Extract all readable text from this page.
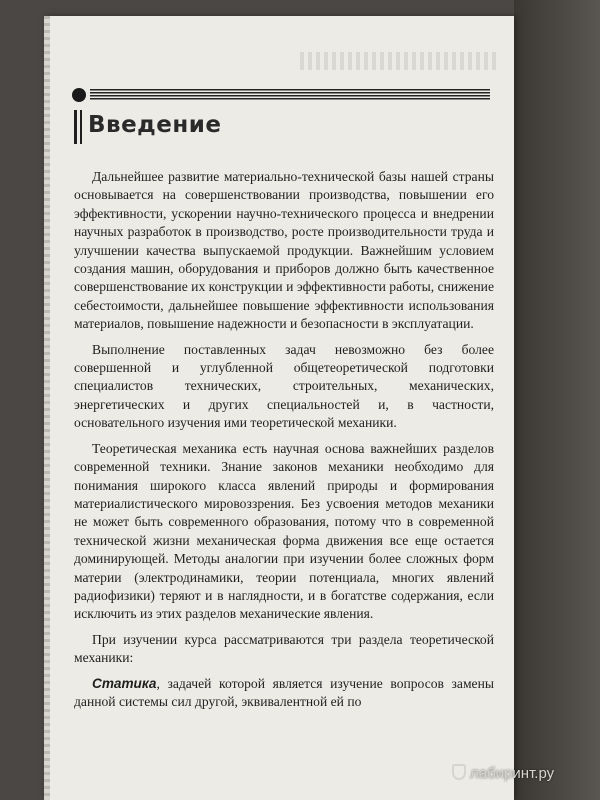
Введение

Дальнейшее развитие материально-технической базы нашей страны основывается на совершенствовании производства, повышении его эффективности, ускорении научно-технического процесса и внедрении научных разработок в производство, росте производительности труда и улучшении качества выпускаемой продукции. Важнейшим условием создания машин, оборудования и приборов должно быть качественное совершенствование их конструкции и эффективности работы, снижение себестоимости, дальнейшее повышение эффективности использования материалов, повышение надежности и безопасности в эксплуатации.

Выполнение поставленных задач невозможно без более совершенной и углубленной общетеоретической подготовки специалистов технических, строительных, механических, энергетических и других специальностей и, в частности, основательного изучения ими теоретической механики.

Теоретическая механика есть научная основа важнейших разделов современной техники. Знание законов механики необходимо для понимания широкого класса явлений природы и формирования материалистического мировоззрения. Без усвоения методов механики не может быть современного образования, потому что в современной технической жизни механическая форма движения все еще остается доминирующей. Методы аналогии при изучении более сложных форм материи (электродинамики, теории потенциала, многих явлений радиофизики) теряют и в наглядности, и в богатстве содержания, если исключить из этих разделов механические явления.

При изучении курса рассматриваются три раздела теоретической механики:

Статика, задачей которой является изучение вопросов замены данной системы сил другой, эквивалентной ей по

лабиринт.ру
